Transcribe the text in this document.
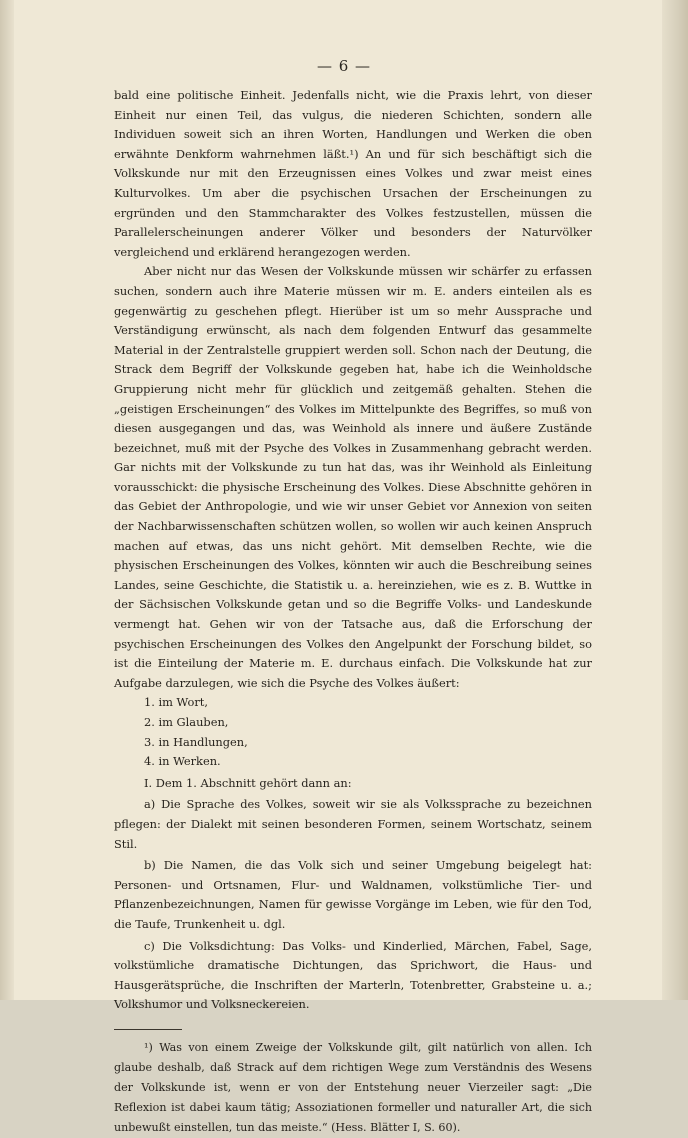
— 6 —

bald eine politische Einheit. Jedenfalls nicht, wie die Praxis lehrt, von dieser Einheit nur einen Teil, das vulgus, die niederen Schichten, sondern alle Individuen soweit sich an ihren Worten, Handlungen und Werken die oben erwähnte Denkform wahrnehmen läßt.¹) An und für sich beschäftigt sich die Volkskunde nur mit den Erzeugnissen eines Volkes und zwar meist eines Kulturvolkes. Um aber die psychischen Ursachen der Erscheinungen zu ergründen und den Stammcharakter des Volkes festzustellen, müssen die Parallelerscheinungen anderer Völker und besonders der Naturvölker vergleichend und erklärend herangezogen werden.

Aber nicht nur das Wesen der Volkskunde müssen wir schärfer zu erfassen suchen, sondern auch ihre Materie müssen wir m. E. anders einteilen als es gegenwärtig zu geschehen pflegt. Hierüber ist um so mehr Aussprache und Verständigung erwünscht, als nach dem folgenden Entwurf das gesammelte Material in der Zentralstelle gruppiert werden soll. Schon nach der Deutung, die Strack dem Begriff der Volkskunde gegeben hat, habe ich die Weinholdsche Gruppierung nicht mehr für glücklich und zeitgemäß gehalten. Stehen die „geistigen Erscheinungen“ des Volkes im Mittelpunkte des Begriffes, so muß von diesen ausgegangen und das, was Weinhold als innere und äußere Zustände bezeichnet, muß mit der Psyche des Volkes in Zusammenhang gebracht werden. Gar nichts mit der Volkskunde zu tun hat das, was ihr Weinhold als Einleitung vorausschickt: die physische Erscheinung des Volkes. Diese Abschnitte gehören in das Gebiet der Anthropologie, und wie wir unser Gebiet vor Annexion von seiten der Nachbarwissenschaften schützen wollen, so wollen wir auch keinen Anspruch machen auf etwas, das uns nicht gehört. Mit demselben Rechte, wie die physischen Erscheinungen des Volkes, könnten wir auch die Beschreibung seines Landes, seine Geschichte, die Statistik u. a. hereinziehen, wie es z. B. Wuttke in der Sächsischen Volkskunde getan und so die Begriffe Volks- und Landeskunde vermengt hat. Gehen wir von der Tatsache aus, daß die Erforschung der psychischen Erscheinungen des Volkes den Angelpunkt der Forschung bildet, so ist die Einteilung der Materie m. E. durchaus einfach. Die Volkskunde hat zur Aufgabe darzulegen, wie sich die Psyche des Volkes äußert:

1. im Wort,
2. im Glauben,
3. in Handlungen,
4. in Werken.

I. Dem 1. Abschnitt gehört dann an:

a) Die Sprache des Volkes, soweit wir sie als Volkssprache zu bezeichnen pflegen: der Dialekt mit seinen besonderen Formen, seinem Wortschatz, seinem Stil.

b) Die Namen, die das Volk sich und seiner Umgebung beigelegt hat: Personen- und Ortsnamen, Flur- und Waldnamen, volkstümliche Tier- und Pflanzenbezeichnungen, Namen für gewisse Vorgänge im Leben, wie für den Tod, die Taufe, Trunkenheit u. dgl.

c) Die Volksdichtung: Das Volks- und Kinderlied, Märchen, Fabel, Sage, volkstümliche dramatische Dichtungen, das Sprichwort, die Haus- und Hausgerätsprüche, die Inschriften der Marterln, Totenbretter, Grabsteine u. a.; Volkshumor und Volksneckereien.

¹) Was von einem Zweige der Volkskunde gilt, gilt natürlich von allen. Ich glaube deshalb, daß Strack auf dem richtigen Wege zum Verständnis des Wesens der Volkskunde ist, wenn er von der Entstehung neuer Vierzeiler sagt: „Die Reflexion ist dabei kaum tätig; Assoziationen formeller und naturaller Art, die sich unbewußt einstellen, tun das meiste.“ (Hess. Blätter I, S. 60).
